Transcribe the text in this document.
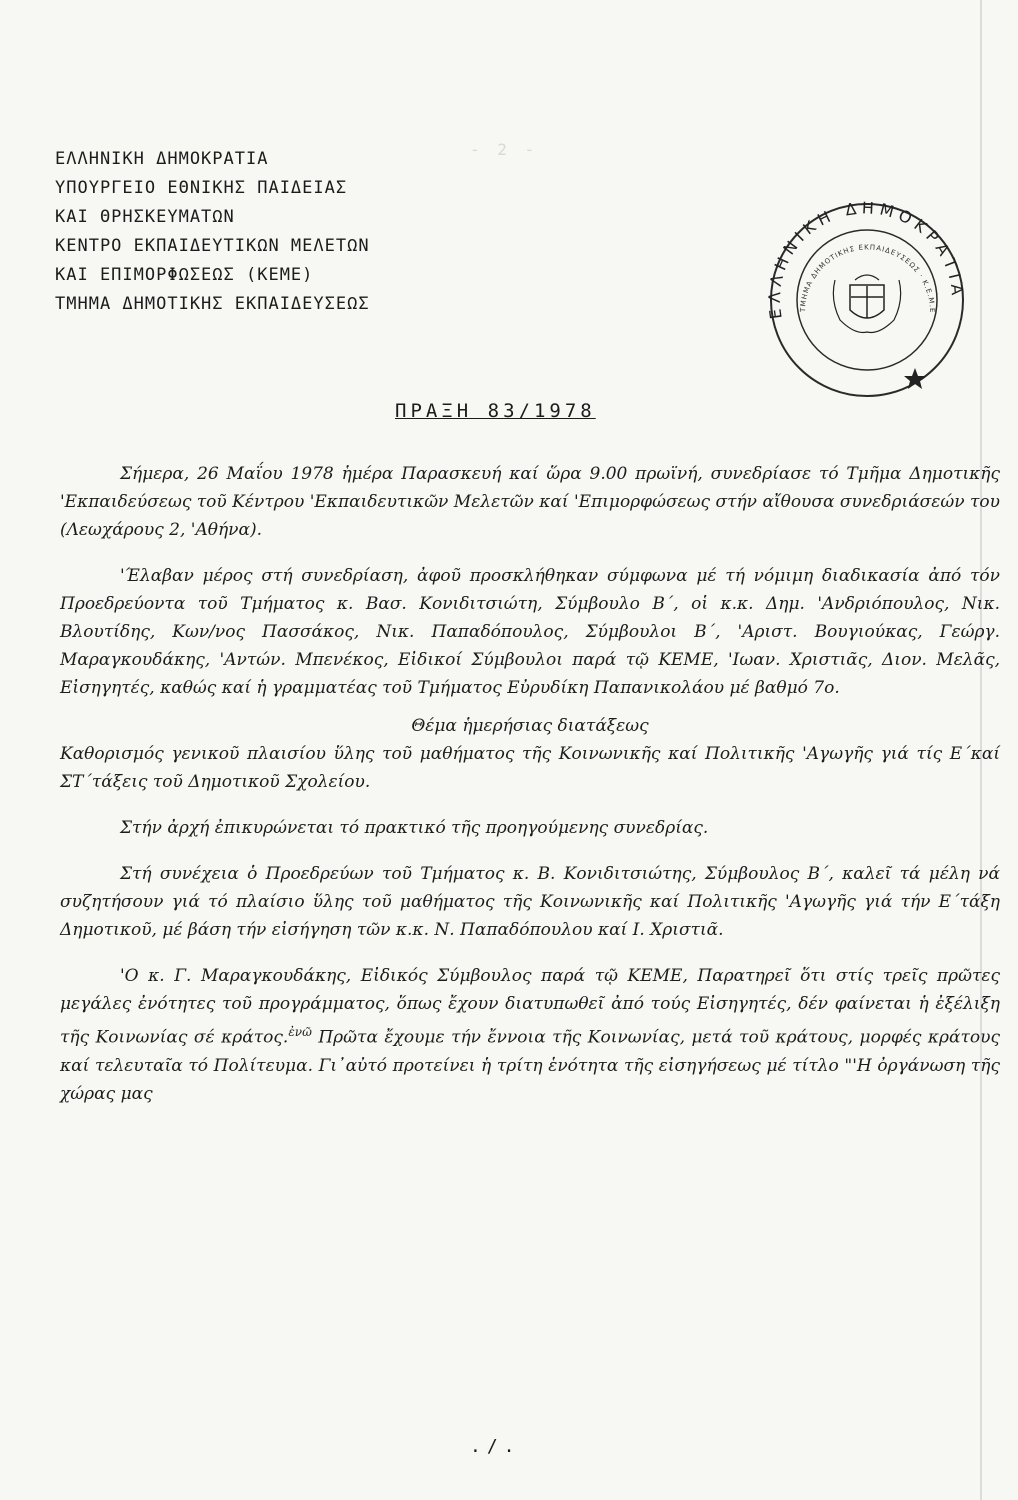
- 2 -
ΕΛΛΗΝΙΚΗ ΔΗΜΟΚΡΑΤΙΑ
ΥΠΟΥΡΓΕΙΟ ΕΘΝΙΚΗΣ ΠΑΙΔΕΙΑΣ
ΚΑΙ ΘΡΗΣΚΕΥΜΑΤΩΝ
ΚΕΝΤΡΟ ΕΚΠΑΙΔΕΥΤΙΚΩΝ ΜΕΛΕΤΩΝ
ΚΑΙ ΕΠΙΜΟΡΦΩΣΕΩΣ (ΚΕΜΕ)
ΤΜΗΜΑ ΔΗΜΟΤΙΚΗΣ ΕΚΠΑΙΔΕΥΣΕΩΣ	ΕΛΛΗΝΙΚΗ ΔΗΜΟΚΡΑΤΙΑ
ΤΜΗΜΑ ΔΗΜΟΤΙΚΗΣ ΕΚΠΑΙΔΕΥΣΕΩΣ · Κ.Ε.Μ.Ε
ΠΡΑΞΗ 83/1978

Σήμερα, 26 Μαΐου 1978 ἡμέρα Παρασκευή καί ὥρα 9.00 πρωϊνή, συνεδρίασε τό Τμῆμα Δημοτικῆς 'Εκπαιδεύσεως τοῦ Κέντρου 'Εκπαιδευτικῶν Μελετῶν καί 'Επιμορφώσεως στήν αἴθουσα συνεδριάσεών του (Λεωχάρους 2, 'Αθήνα).

'Έλαβαν μέρος στή συνεδρίαση, ἀφοῦ προσκλήθηκαν σύμφωνα μέ τή νόμιμη διαδικασία ἀπό τόν Προεδρεύοντα τοῦ Τμήματος κ. Βασ. Κονιδιτσιώτη, Σύμβουλο Β΄, οἱ κ.κ. Δημ. 'Ανδριόπουλος, Νικ. Βλουτίδης, Κων/νος Πασσάκος, Νικ. Παπαδόπουλος, Σύμβουλοι Β΄, 'Αριστ. Βουγιούκας, Γεώργ. Μαραγκουδάκης, 'Αντών. Μπενέκος, Εἰδικοί Σύμβουλοι παρά τῷ ΚΕΜΕ, 'Ιωαν. Χριστιᾶς, Διον. Μελᾶς, Εἰσηγητές, καθώς καί ἡ γραμματέας τοῦ Τμήματος Εὐρυδίκη Παπανικολάου μέ βαθμό 7ο.

Θέμα ἡμερήσιας διατάξεως

Καθορισμός γενικοῦ πλαισίου ὕλης τοῦ μαθήματος τῆς Κοινωνικῆς καί Πολιτικῆς 'Αγωγῆς γιά τίς Ε΄καί ΣΤ΄τάξεις τοῦ Δημοτικοῦ Σχολείου.

Στήν ἀρχή ἐπικυρώνεται τό πρακτικό τῆς προηγούμενης συνεδρίας.

Στή συνέχεια ὁ Προεδρεύων τοῦ Τμήματος κ. Β. Κονιδιτσιώτης, Σύμβουλος Β΄, καλεῖ τά μέλη νά συζητήσουν γιά τό πλαίσιο ὕλης τοῦ μαθήματος τῆς Κοινωνικῆς καί Πολιτικῆς 'Αγωγῆς γιά τήν Ε΄τάξη Δημοτικοῦ, μέ βάση τήν εἰσήγηση τῶν κ.κ. Ν. Παπαδόπουλου καί Ι. Χριστιᾶ.

'Ο κ. Γ. Μαραγκουδάκης, Εἰδικός Σύμβουλος παρά τῷ ΚΕΜΕ, Παρατηρεῖ ὅτι στίς τρεῖς πρῶτες μεγάλες ἐνότητες τοῦ προγράμματος, ὅπως ἔχουν διατυπωθεῖ ἀπό τούς Εἰσηγητές, δέν φαίνεται ἡ ἐξέλιξη τῆς Κοινωνίας σέ κράτος.$^{ἐ\nu ῶ}$ Πρῶτα ἔχουμε τήν ἔννοια τῆς Κοινωνίας, μετά τοῦ κράτους, μορφές κράτους καί τελευταῖα τό Πολίτευμα. Γι᾽αὐτό προτείνει ἡ τρίτη ἑνότητα τῆς εἰσηγήσεως μέ τίτλο "'Η ὀργάνωση τῆς χώρας μας

./.
